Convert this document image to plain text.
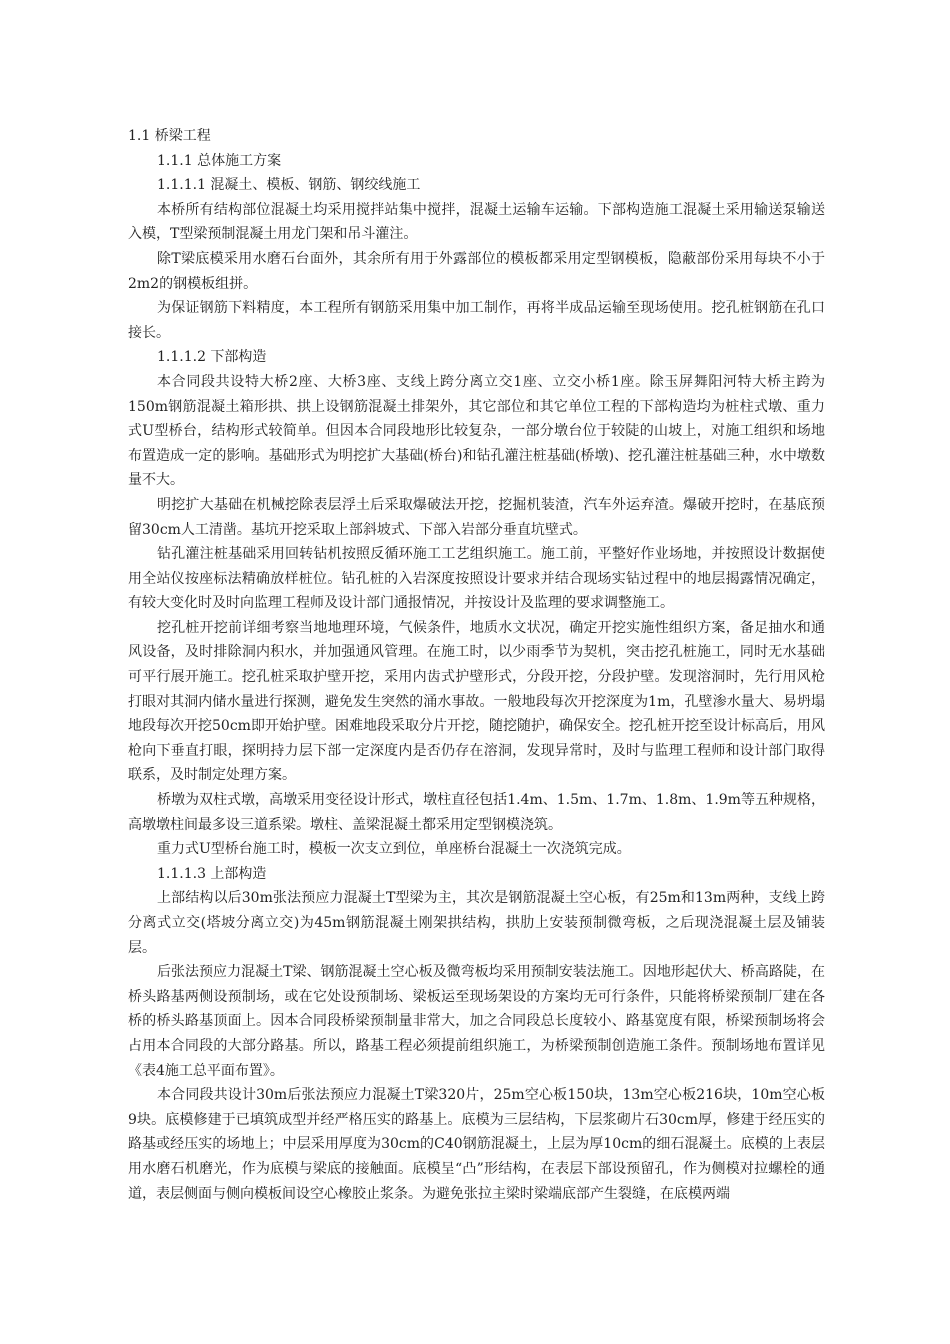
1.1 桥梁工程

1.1.1 总体施工方案

1.1.1.1 混凝土、模板、钢筋、钢绞线施工

本桥所有结构部位混凝土均采用搅拌站集中搅拌，混凝土运输车运输。下部构造施工混凝土采用输送泵输送入模，T型梁预制混凝土用龙门架和吊斗灌注。

除T梁底模采用水磨石台面外，其余所有用于外露部位的模板都采用定型钢模板，隐蔽部份采用每块不小于2m2的钢模板组拼。

为保证钢筋下料精度，本工程所有钢筋采用集中加工制作，再将半成品运输至现场使用。挖孔桩钢筋在孔口接长。

1.1.1.2 下部构造

本合同段共设特大桥2座、大桥3座、支线上跨分离立交1座、立交小桥1座。除玉屏舞阳河特大桥主跨为150m钢筋混凝土箱形拱、拱上设钢筋混凝土排架外，其它部位和其它单位工程的下部构造均为桩柱式墩、重力式U型桥台，结构形式较简单。但因本合同段地形比较复杂，一部分墩台位于较陡的山坡上，对施工组织和场地布置造成一定的影响。基础形式为明挖扩大基础(桥台)和钻孔灌注桩基础(桥墩)、挖孔灌注桩基础三种，水中墩数量不大。

明挖扩大基础在机械挖除表层浮土后采取爆破法开挖，挖掘机装渣，汽车外运弃渣。爆破开挖时，在基底预留30cm人工清凿。基坑开挖采取上部斜坡式、下部入岩部分垂直坑壁式。

钻孔灌注桩基础采用回转钻机按照反循环施工工艺组织施工。施工前，平整好作业场地，并按照设计数据使用全站仪按座标法精确放样桩位。钻孔桩的入岩深度按照设计要求并结合现场实钻过程中的地层揭露情况确定，有较大变化时及时向监理工程师及设计部门通报情况，并按设计及监理的要求调整施工。

挖孔桩开挖前详细考察当地地理环境，气候条件，地质水文状况，确定开挖实施性组织方案，备足抽水和通风设备，及时排除洞内积水，并加强通风管理。在施工时，以少雨季节为契机，突击挖孔桩施工，同时无水基础可平行展开施工。挖孔桩采取护壁开挖，采用内齿式护壁形式，分段开挖，分段护壁。发现溶洞时，先行用风枪打眼对其洞内储水量进行探测，避免发生突然的涌水事故。一般地段每次开挖深度为1m，孔壁渗水量大、易坍塌地段每次开挖50cm即开始护壁。困难地段采取分片开挖，随挖随护，确保安全。挖孔桩开挖至设计标高后，用风枪向下垂直打眼，探明持力层下部一定深度内是否仍存在溶洞，发现异常时，及时与监理工程师和设计部门取得联系，及时制定处理方案。

桥墩为双柱式墩，高墩采用变径设计形式，墩柱直径包括1.4m、1.5m、1.7m、1.8m、1.9m等五种规格，高墩墩柱间最多设三道系梁。墩柱、盖梁混凝土都采用定型钢模浇筑。

重力式U型桥台施工时，模板一次支立到位，单座桥台混凝土一次浇筑完成。

1.1.1.3 上部构造

上部结构以后30m张法预应力混凝土T型梁为主，其次是钢筋混凝土空心板，有25m和13m两种，支线上跨分离式立交(塔坡分离立交)为45m钢筋混凝土刚架拱结构，拱肋上安装预制微弯板，之后现浇混凝土层及铺装层。

后张法预应力混凝土T梁、钢筋混凝土空心板及微弯板均采用预制安装法施工。因地形起伏大、桥高路陡，在桥头路基两侧设预制场，或在它处设预制场、梁板运至现场架设的方案均无可行条件，只能将桥梁预制厂建在各桥的桥头路基顶面上。因本合同段桥梁预制量非常大，加之合同段总长度较小、路基宽度有限，桥梁预制场将会占用本合同段的大部分路基。所以，路基工程必须提前组织施工，为桥梁预制创造施工条件。预制场地布置详见《表4施工总平面布置》。

本合同段共设计30m后张法预应力混凝土T梁320片，25m空心板150块，13m空心板216块，10m空心板9块。底模修建于已填筑成型并经严格压实的路基上。底模为三层结构，下层浆砌片石30cm厚，修建于经压实的路基或经压实的场地上；中层采用厚度为30cm的C40钢筋混凝土，上层为厚10cm的细石混凝土。底模的上表层用水磨石机磨光，作为底模与梁底的接触面。底模呈“凸”形结构，在表层下部设预留孔，作为侧模对拉螺栓的通道，表层侧面与侧向模板间设空心橡胶止浆条。为避免张拉主梁时梁端底部产生裂缝，在底模两端
